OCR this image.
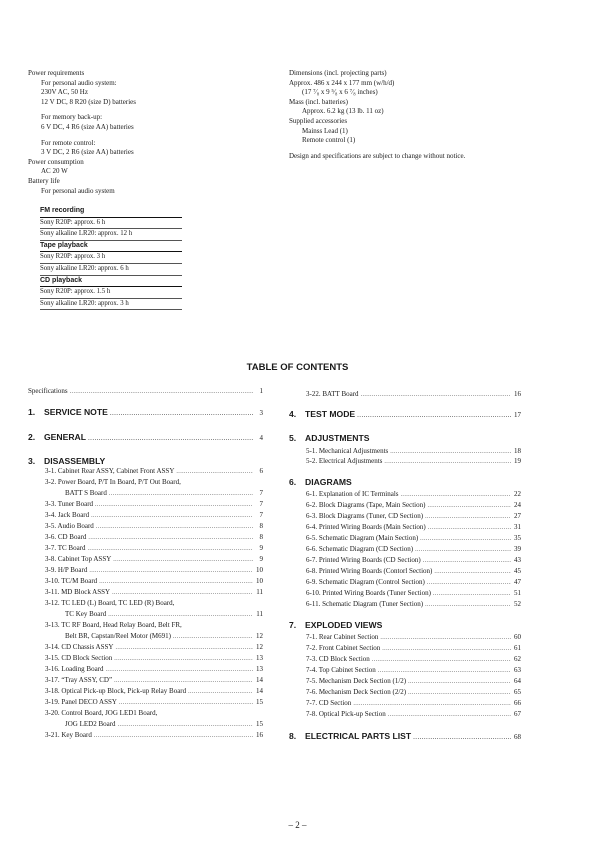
Power requirements
For personal audio system:
230V AC, 50 Hz
12 V DC, 8 R20 (size D) batteries
For memory back-up:
6 V DC, 4 R6 (size AA) batteries
For remote control:
3 V DC, 2 R6 (size AA) batteries
Power consumption
AC 20 W
Battery life
For personal audio system
FM recording
Sony R20P: approx. 6 h
Sony alkaline LR20: approx. 12 h
Tape playback
Sony R20P: approx. 3 h
Sony alkaline LR20: approx. 6 h
CD playback
Sony R20P: approx. 1.5 h
Sony alkaline LR20: approx. 3 h
Dimensions (incl. projecting parts)
Approx. 486 x 244 x 177 mm (w/h/d)
(17 ⁷⁄₈ x 9 ⁵⁄₈ x 6 ⁷⁄₈ inches)
Mass (incl. batteries)
Approx. 6.2 kg (13 lb. 11 oz)
Supplied accessories
Mainss Lead (1)
Remote control (1)
Design and specifications are subject to change without notice.
TABLE OF CONTENTS
Specifications .....	1
1. SERVICE NOTE .....	3
2. GENERAL .....	4
3. DISASSEMBLY
3-1. Cabinet Rear ASSY, Cabinet Front ASSY .....	6
3-2. Power Board, P/T In Board, P/T Out Board,
BATT S Board .....	7
3-3. Tuner Board .....	7
3-4. Jack Board .....	7
3-5. Audio Board .....	8
3-6. CD Board .....	8
3-7. TC Board .....	9
3-8. Cabinet Top ASSY .....	9
3-9. H/P Board .....	10
3-10. TC/M Board .....	10
3-11. MD Block ASSY .....	11
3-12. TC LED (L) Board, TC LED (R) Board,
TC Key Board .....	11
3-13. TC RF Board, Head Relay Board, Belt FR,
Belt BR, Capstan/Reel Motor (M691) .....	12
3-14. CD Chassis ASSY .....	12
3-15. CD Block Section .....	13
3-16. Loading Board .....	13
3-17. “Tray ASSY, CD” .....	14
3-18. Optical Pick-up Block, Pick-up Relay Board .....	14
3-19. Panel DECO ASSY .....	15
3-20. Control Board, JOG LED1 Board,
JOG LED2 Board .....	15
3-21. Key Board .....	16
3-22. BATT Board .....	16
4. TEST MODE .....	17
5. ADJUSTMENTS
5-1. Mechanical Adjustments .....	18
5-2. Electrical Adjustments .....	19
6. DIAGRAMS
6-1. Explanation of IC Terminals .....	22
6-2. Block Diagrams (Tape, Main Section) .....	24
6-3. Block Diagrams (Tuner, CD Section) .....	27
6-4. Printed Wiring Boards (Main Section) .....	31
6-5. Schematic Diagram (Main Section) .....	35
6-6. Schematic Diagram (CD Section) .....	39
6-7. Printed Wiring Boards (CD Section) .....	43
6-8. Printed Wiring Boards (Contorl Section) .....	45
6-9. Schematic Diagram (Control Section) .....	47
6-10. Printed Wiring Boards (Tuner Section) .....	51
6-11. Schematic Diagram (Tuner Section) .....	52
7. EXPLODED VIEWS
7-1. Rear Cabinet Section .....	60
7-2. Front Cabinet Section .....	61
7-3. CD Block Section .....	62
7-4. Top Cabinet Section .....	63
7-5. Mechanism Deck Section (1/2) .....	64
7-6. Mechanism Deck Section (2/2) .....	65
7-7. CD Section .....	66
7-8. Optical Pick-up Section .....	67
8. ELECTRICAL PARTS LIST .....	68
– 2 –
